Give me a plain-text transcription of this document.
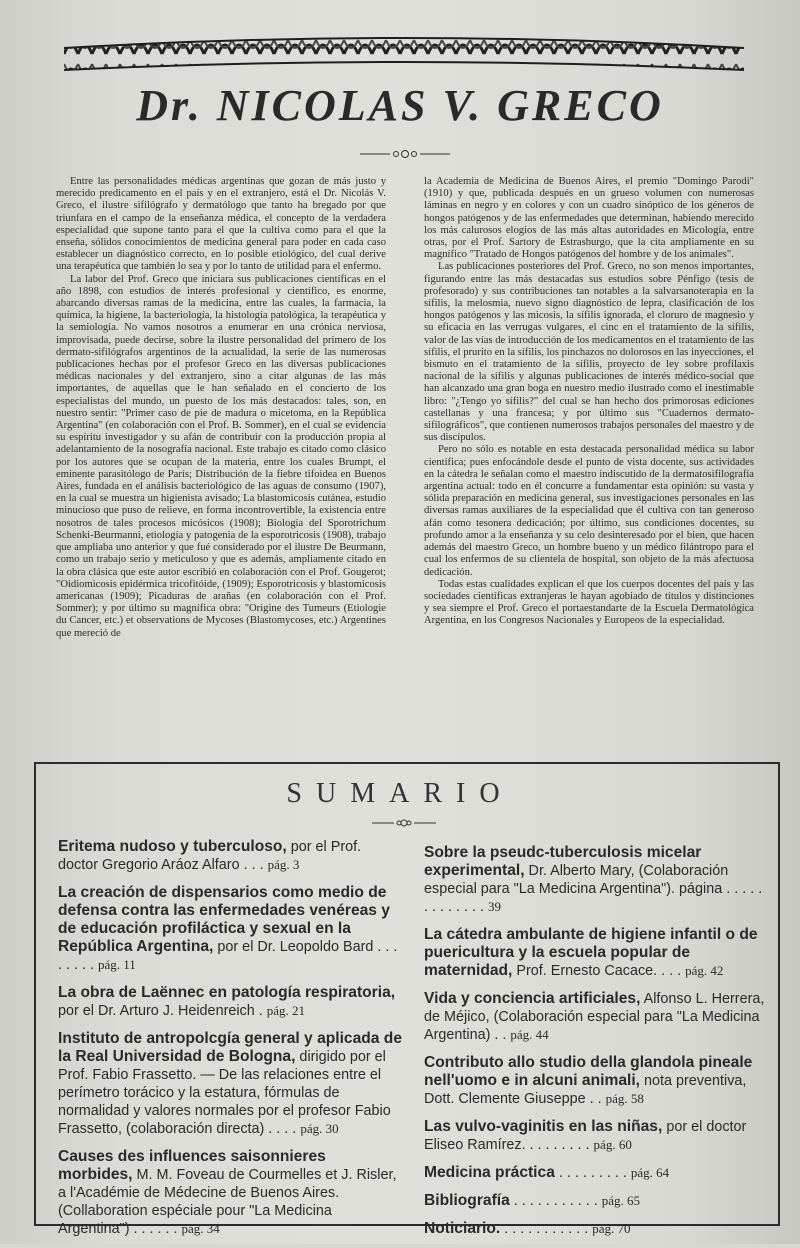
Dr. NICOLAS V. GRECO

Entre las personalidades médicas argentinas que gozan de más justo y merecido predicamento en el país y en el extranjero, está el Dr. Nicolás V. Greco, el ilustre sifilógrafo y dermatólogo que tanto ha bregado por que triunfara en el campo de la enseñanza médica, el concepto de la verdadera especialidad que supone tanto para el que la cultiva como para el que la enseña, sólidos conocimientos de medicina general para poder en cada caso establecer un diagnóstico correcto, en lo posible etiológico, del cual derive una terapéutica que también lo sea y por lo tanto de utilidad para el enfermo.

La labor del Prof. Greco que iniciara sus publicaciones científicas en el año 1898, con estudios de interés profesional y científico, es enorme, abarcando diversas ramas de la medicina, entre las cuales, la farmacia, la química, la higiene, la bacteriología, la histología patológica, la terapéutica y la semiología. No vamos nosotros a enumerar en una crónica nerviosa, improvisada, puede decirse, sobre la ilustre personalidad del primero de los dermato-sifilógrafos argentinos de la actualidad, la serie de las numerosas publicaciones hechas por el profesor Greco en las diversas publicaciones médicas nacionales y del extranjero, sino a citar algunas de las más importantes, de aquellas que le han señalado en el concierto de los especialistas del mundo, un puesto de los más destacados: tales, son, en nuestro sentir: "Primer caso de pie de madura o micetoma, en la República Argentina" (en colaboración con el Prof. B. Sommer), en el cual se evidencia su espíritu investigador y su afán de contribuir con la producción propia al adelantamiento de la nosografía nacional. Este trabajo es citado como clásico por los autores que se ocupan de la materia, entre los cuales Brumpt, el eminente parasitólogo de París; Distribución de la fiebre tifoidea en Buenos Aires, fundada en el análisis bacteriológico de las aguas de consumo (1907), en la cual se muestra un higienista avisado; La blastomicosis cutánea, estudio minucioso que puso de relieve, en forma incontrovertible, la existencia entre nosotros de tales procesos micósicos (1908); Biología del Sporotrichum Schenki-Beurmanni, etiología y patogenia de la esporotricosis (1908), trabajo que ampliaba uno anterior y que fué considerado por el ilustre De Beurmann, como un trabajo serio y meticuloso y que es además, ampliamente citado en la obra clásica que este autor escribió en colaboración con el Prof. Gougerot; "Oidiomicosis epidérmica tricofitóide, (1909); Esporotricosis y blastomicosis americanas (1909); Picaduras de arañas (en colaboración con el Prof. Sommer); y por último su magnífica obra: "Origine des Tumeurs (Etiologie du Cancer, etc.) et observations de Mycoses (Blastomycoses, etc.) Argentines que mereció de

la Academia de Medicina de Buenos Aires, el premio "Domingo Parodi" (1910) y que, publicada después en un grueso volumen con numerosas láminas en negro y en colores y con un cuadro sinóptico de los géneros de hongos patógenos y de las enfermedades que determinan, habiendo merecido los más calurosos elogios de las más altas autoridades en Micología, entre otras, por el Prof. Sartory de Estrasburgo, que la cita ampliamente en su magnífico "Tratado de Hongos patógenos del hombre y de los animales".

Las publicaciones posteriores del Prof. Greco, no son menos importantes, figurando entre las más destacadas sus estudios sobre Pénfigo (tesis de profesorado) y sus contribuciones tan notables a la salvarsanoterapia en la sífilis, la melosmia, nuevo signo diagnóstico de lepra, clasificación de los hongos patógenos y las micosis, la sífilis ignorada, el cloruro de magnesio y su eficacia en las verrugas vulgares, el cinc en el tratamiento de la sífilis, valor de las vías de introducción de los medicamentos en el tratamiento de las sífilis, el prurito en la sífilis, los pinchazos no dolorosos en las inyecciones, el bismuto en el tratamiento de la sífilis, proyecto de ley sobre profilaxis nacional de la sífilis y algunas publicaciones de interés médico-social que han alcanzado una gran boga en nuestro medio ilustrado como el inestimable libro: "¿Tengo yo sífilis?" del cual se han hecho dos primorosas ediciones castellanas y una francesa; y por último sus "Cuadernos dermato-sifilográficos", que contienen numerosos trabajos personales del maestro y de sus discípulos.

Pero no sólo es notable en esta destacada personalidad médica su labor científica; pues enfocándole desde el punto de vista docente, sus actividades en la cátedra le señalan como el maestro indiscutido de la dermatosifilografía argentina actual: todo en él concurre a fundamentar esta opinión: su vasta y sólida preparación en medicina general, sus investigaciones personales en las diversas ramas auxiliares de la especialidad que él cultiva con tan generoso afán como tesonera dedicación; por último, sus condiciones docentes, su profundo amor a la enseñanza y su celo desinteresado por el bien, que hacen además del maestro Greco, un hombre bueno y un médico filántropo para el cual los enfermos de su clientela de hospital, son objeto de la más afectuosa dedicación.

Todas estas cualidades explican el que los cuerpos docentes del país y las sociedades científicas extranjeras le hayan agobiado de títulos y distinciones y sea siempre el Prof. Greco el portaestandarte de la Escuela Dermatológica Argentina, en los Congresos Nacionales y Europeos de la especialidad.

SUMARIO
Eritema nudoso y tuberculoso, por el Prof. doctor Gregorio Aráoz Alfaro . . . pág. 3
La creación de dispensarios como medio de defensa contra las enfermedades venéreas y de educación profiláctica y sexual en la República Argentina, por el Dr. Leopoldo Bard . . . . . . . . pág. 11
La obra de Laënnec en patología respiratoria, por el Dr. Arturo J. Heidenreich . pág. 21
Instituto de antropolcgía general y aplicada de la Real Universidad de Bologna, dirigido por el Prof. Fabio Frassetto. — De las relaciones entre el perímetro torácico y la estatura, fórmulas de normalidad y valores normales por el profesor Fabio Frassetto, (colaboración directa) . . . . pág. 30
Causes des influences saisonnieres morbides, M. M. Foveau de Courmelles et J. Risler, a l'Académie de Médecine de Buenos Aires. (Collaboration espéciale pour "La Medicina Argentina") . . . . . . pág. 34
Sobre la pseudc-tuberculosis micelar experimental, Dr. Alberto Mary, (Colaboración especial para "La Medicina Argentina"). página . . . . . . . . . . . . . 39
La cátedra ambulante de higiene infantil o de puericultura y la escuela popular de maternidad, Prof. Ernesto Cacace. . . . pág. 42
Vida y conciencia artificiales, Alfonso L. Herrera, de Méjico, (Colaboración especial para "La Medicina Argentina) . . pág. 44
Contributo allo studio della glandola pineale nell'uomo e in alcuni animali, nota preventiva, Dott. Clemente Giuseppe . . pág. 58
Las vulvo-vaginitis en las niñas, por el doctor Eliseo Ramírez. . . . . . . . . pág. 60
Medicina práctica . . . . . . . . . pág. 64
Bibliografía . . . . . . . . . . . pág. 65
Noticiario. . . . . . . . . . . . pág. 70
